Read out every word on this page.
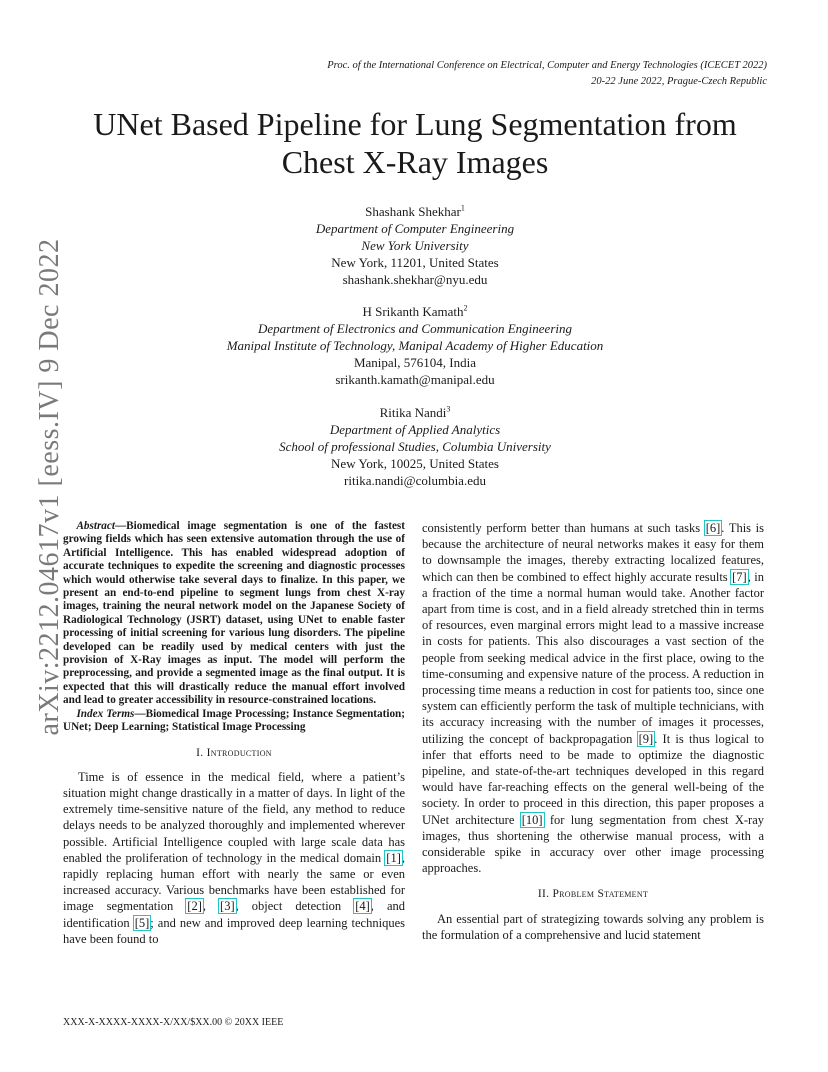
Proc. of the International Conference on Electrical, Computer and Energy Technologies (ICECET 2022)
20-22 June 2022, Prague-Czech Republic
UNet Based Pipeline for Lung Segmentation from
Chest X-Ray Images
Shashank Shekhar$^1$
Department of Computer Engineering
New York University
New York, 11201, United States
shashank.shekhar@nyu.edu
H Srikanth Kamath$^2$
Department of Electronics and Communication Engineering
Manipal Institute of Technology, Manipal Academy of Higher Education
Manipal, 576104, India
srikanth.kamath@manipal.edu
Ritika Nandi$^3$
Department of Applied Analytics
School of professional Studies, Columbia University
New York, 10025, United States
ritika.nandi@columbia.edu
arXiv:2212.04617v1 [eess.IV] 9 Dec 2022	Abstract—Biomedical image segmentation is one of the fastest growing fields which has seen extensive automation through the use of Artificial Intelligence. This has enabled widespread adoption of accurate techniques to expedite the screening and diagnostic processes which would otherwise take several days to finalize. In this paper, we present an end-to-end pipeline to segment lungs from chest X-ray images, training the neural network model on the Japanese Society of Radiological Technology (JSRT) dataset, using UNet to enable faster processing of initial screening for various lung disorders. The pipeline developed can be readily used by medical centers with just the provision of X-Ray images as input. The model will perform the preprocessing, and provide a segmented image as the final output. It is expected that this will drastically reduce the manual effort involved and lead to greater accessibility in resource-constrained locations.

Index Terms—Biomedical Image Processing; Instance Segmentation; UNet; Deep Learning; Statistical Image Processing

I. Introduction

Time is of essence in the medical field, where a patient’s situation might change drastically in a matter of days. In light of the extremely time-sensitive nature of the field, any method to reduce delays needs to be analyzed thoroughly and implemented wherever possible. Artificial Intelligence coupled with large scale data has enabled the proliferation of technology in the medical domain [1], rapidly replacing human effort with nearly the same or even increased accuracy. Various benchmarks have been established for image segmentation [2], [3], object detection [4], and identification [5]; and new and improved deep learning techniques have been found to

consistently perform better than humans at such tasks [6]. This is because the architecture of neural networks makes it easy for them to downsample the images, thereby extracting localized features, which can then be combined to effect highly accurate results [7], in a fraction of the time a normal human would take. Another factor apart from time is cost, and in a field already stretched thin in terms of resources, even marginal errors might lead to a massive increase in costs for patients. This also discourages a vast section of the people from seeking medical advice in the first place, owing to the time-consuming and expensive nature of the process. A reduction in processing time means a reduction in cost for patients too, since one system can efficiently perform the task of multiple technicians, with its accuracy increasing with the number of images it processes, utilizing the concept of backpropagation [9]. It is thus logical to infer that efforts need to be made to optimize the diagnostic pipeline, and state-of-the-art techniques developed in this regard would have far-reaching effects on the general well-being of the society. In order to proceed in this direction, this paper proposes a UNet architecture [10] for lung segmentation from chest X-ray images, thus shortening the otherwise manual process, with a considerable spike in accuracy over other image processing approaches.

II. Problem Statement

An essential part of strategizing towards solving any problem is the formulation of a comprehensive and lucid statement

XXX-X-XXXX-XXXX-X/XX/$XX.00 © 20XX IEEE
